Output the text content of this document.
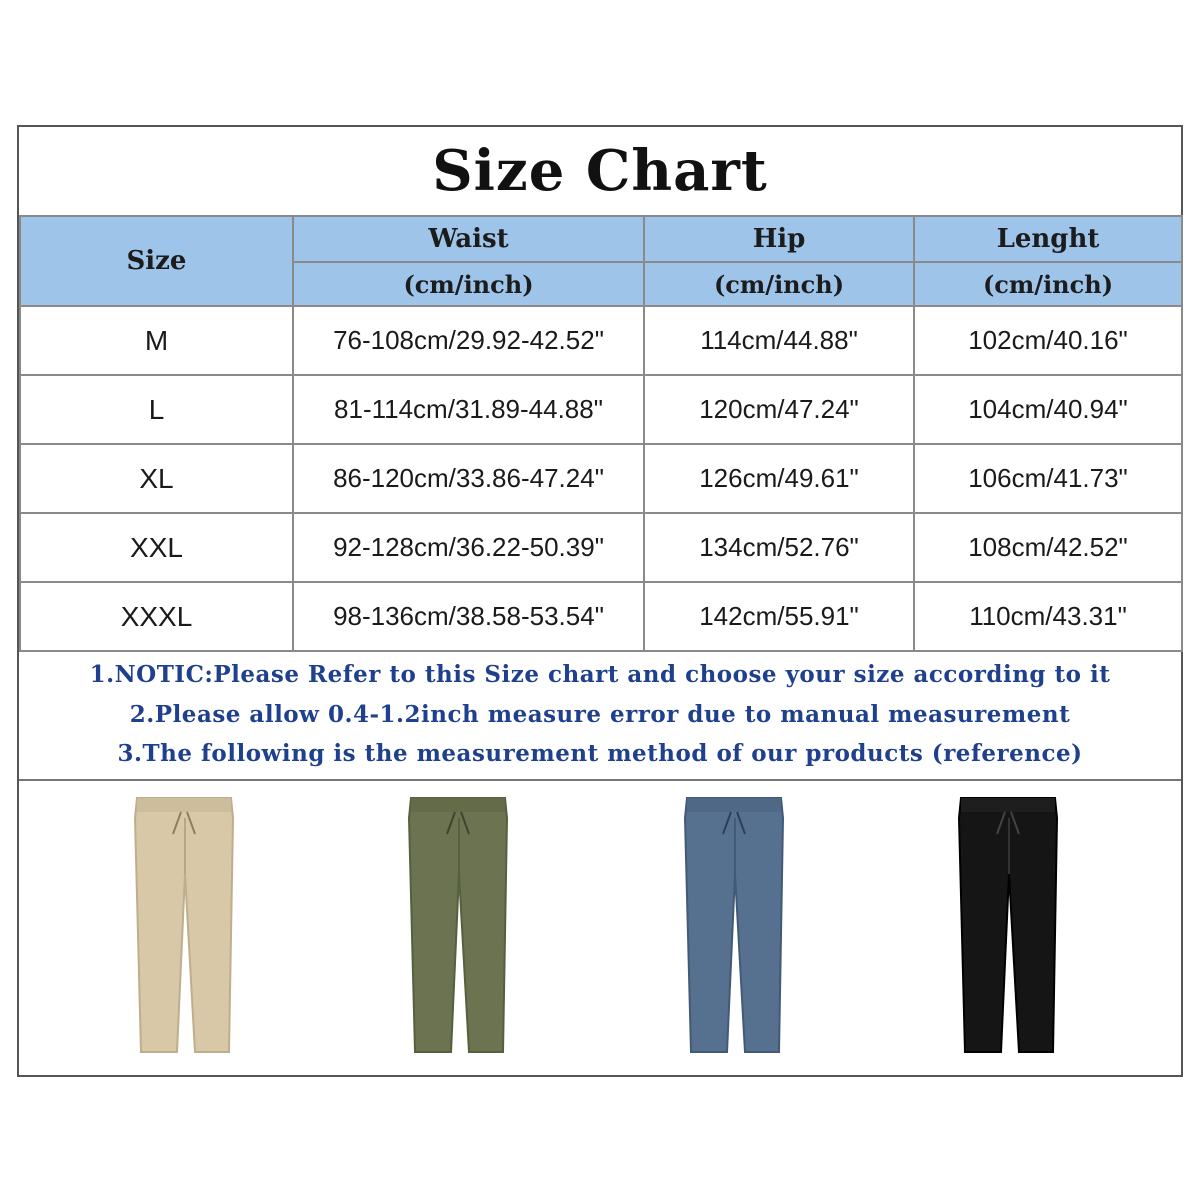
Size Chart
Size	Waist	Hip	Lenght
	(cm/inch)	(cm/inch)	(cm/inch)
M	76-108cm/29.92-42.52"	114cm/44.88"	102cm/40.16"
L	81-114cm/31.89-44.88"	120cm/47.24"	104cm/40.94"
XL	86-120cm/33.86-47.24"	126cm/49.61"	106cm/41.73"
XXL	92-128cm/36.22-50.39"	134cm/52.76"	108cm/42.52"
XXXL	98-136cm/38.58-53.54"	142cm/55.91"	110cm/43.31"
1.NOTIC:Please Refer to this Size chart and choose your size according to it
2.Please allow 0.4-1.2inch measure error due to manual measurement
3.The following is the measurement method of our products (reference)
